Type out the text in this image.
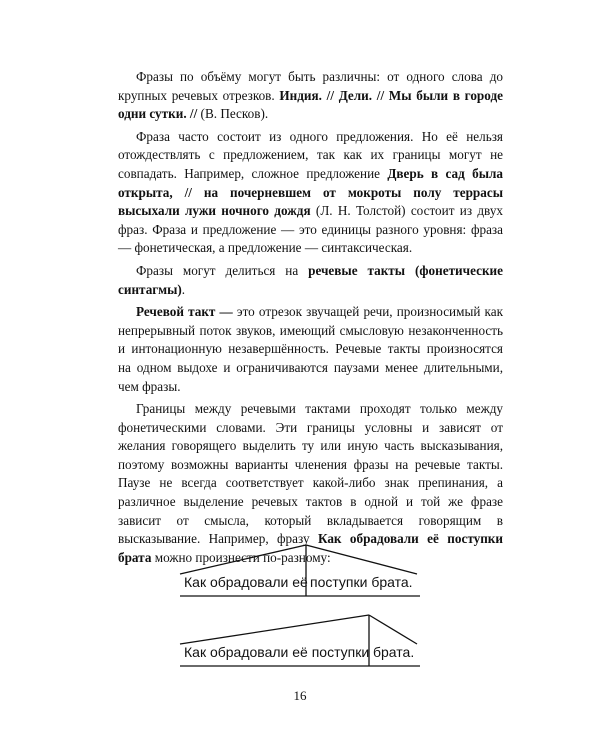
Фразы по объёму могут быть различны: от одного слова до крупных речевых отрезков. Индия. // Дели. // Мы были в городе одни сутки. // (В. Песков).

Фраза часто состоит из одного предложения. Но её нельзя отождествлять с предложением, так как их границы могут не совпадать. Например, сложное предложение Дверь в сад была открыта, // на почерневшем от мокроты полу террасы высыхали лужи ночного дождя (Л. Н. Толстой) состоит из двух фраз. Фраза и предложение — это единицы разного уровня: фраза — фонетическая, а предложение — синтаксическая.

Фразы могут делиться на речевые такты (фонетические синтагмы).

Речевой такт — это отрезок звучащей речи, произносимый как непрерывный поток звуков, имеющий смысловую незаконченность и интонационную незавершённость. Речевые такты произносятся на одном выдохе и ограничиваются паузами менее длительными, чем фразы.

Границы между речевыми тактами проходят только между фонетическими словами. Эти границы условны и зависят от желания говорящего выделить ту или иную часть высказывания, поэтому возможны варианты членения фразы на речевые такты. Паузе не всегда соответствует какой-либо знак препинания, а различное выделение речевых тактов в одной и той же фразе зависит от смысла, который вкладывается говорящим в высказывание. Например, фразу Как обрадовали её поступки брата можно произнести по-разному:

Как обрадовали её поступки брата.
Как обрадовали её поступки брата.
16
